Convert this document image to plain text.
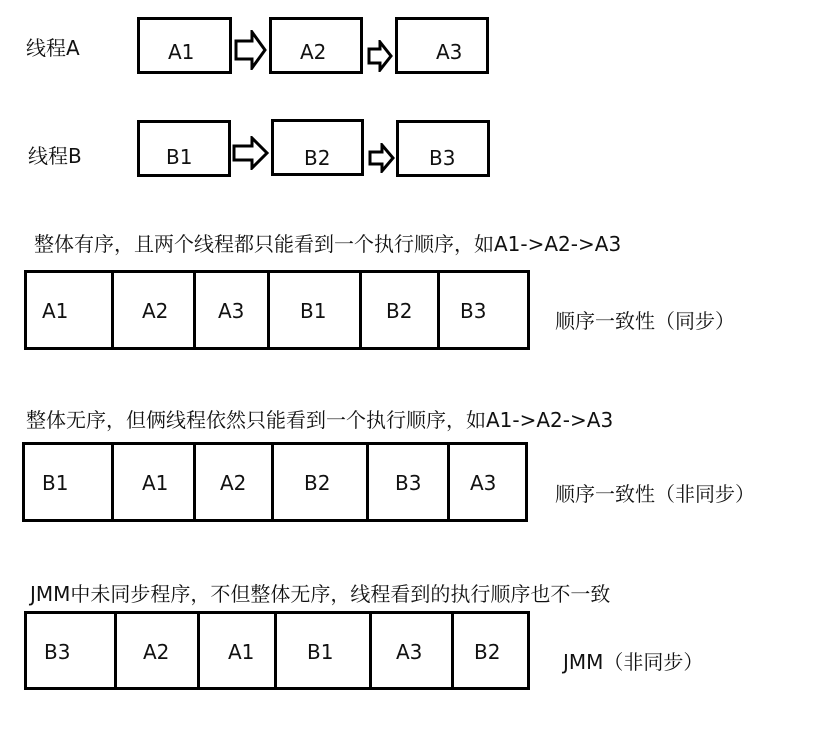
线程A
线程B
A1	A2	A3
B1	B2	B3
整体有序，且两个线程都只能看到一个执行顺序，如A1->A2->A3
A1	A2 A3	B1	B2 B3	顺序一致性（同步）
整体无序，但俩线程依然只能看到一个执行顺序，如A1->A2->A3
B1	A1	A2	B2	B3 A3	顺序一致性（非同步）
JMM中未同步程序，不但整体无序，线程看到的执行顺序也不一致
B3	A2	A1	B1	A3	B2	JMM（非同步）
